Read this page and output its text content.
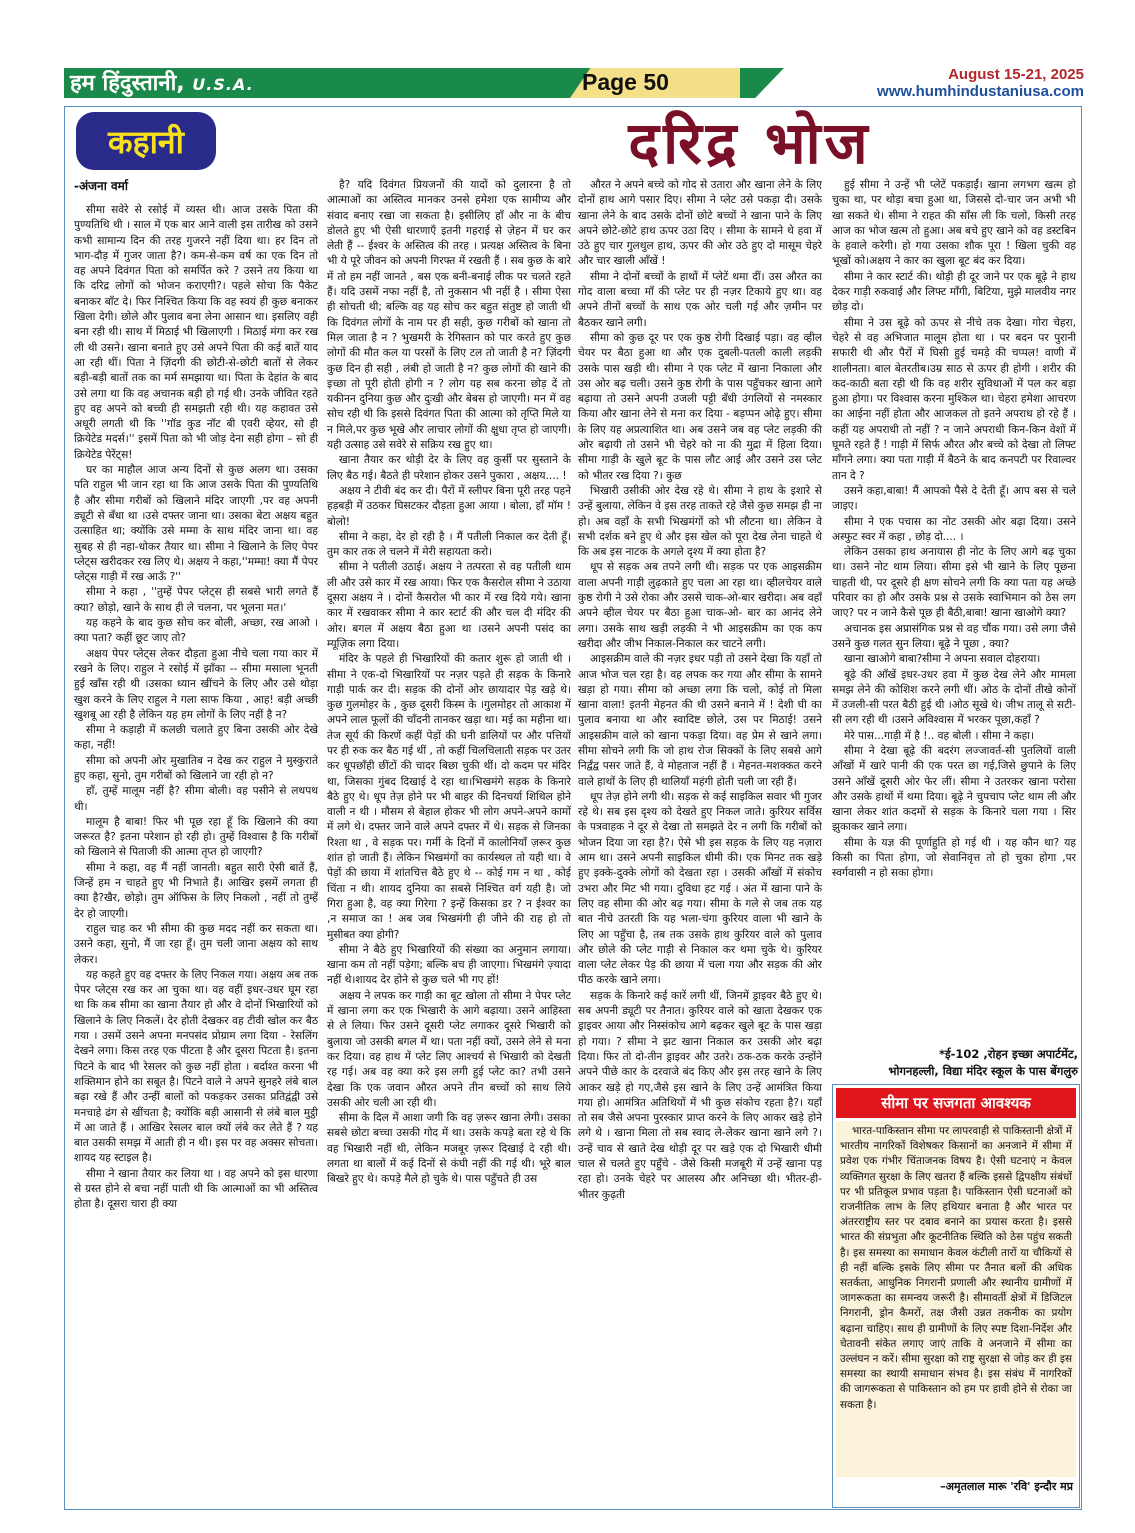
हम हिंदुस्तानी, U.S.A.	Page 50	August 15-21, 2025
www.humhindustaniusa.com
कहानी	दरिद्र भोज
-अंजना वर्मा

सीमा सवेरे से रसोई में व्यस्त थी। आज उसके पिता की पुण्यतिथि थी । साल में एक बार आने वाली इस तारीख को उसने कभी सामान्य दिन की तरह गुजरने नहीं दिया था। हर दिन तो भाग-दौड़ में गुजर जाता है?। कम-से-कम वर्ष का एक दिन तो वह अपने दिवंगत पिता को समर्पित करे ? उसने तय किया था कि दरिद्र लोगों को भोजन कराएगी?। पहले सोचा कि पैकेट बनाकर बाँट दे। फिर निश्चित किया कि वह स्वयं ही कुछ बनाकर खिला देगी। छोले और पुलाव बना लेना आसान था। इसलिए वही बना रही थी। साथ में मिठाई भी खिलाएगी । मिठाई मंगा कर रख ली थी उसने। खाना बनाते हुए उसे अपने पिता की कई बातें याद आ रही थीं। पिता ने ज़िंदगी की छोटी-से-छोटी बातों से लेकर बड़ी-बड़ी बातों तक का मर्म समझाया था। पिता के देहांत के बाद उसे लगा था कि वह अचानक बड़ी हो गई थी। उनके जीवित रहते हुए वह अपने को बच्ची ही समझती रही थी। यह कहावत उसे अधूरी लगती थी कि ''गॉड कुड नॉट बी एवरी व्हेयर, सो ही क्रियेटेड मदर्स।'' इसमें पिता को भी जोड़ देना सही होगा – सो ही क्रियेटेड पेरेंट्स!

घर का माहौल आज अन्य दिनों से कुछ अलग था। उसका पति राहुल भी जान रहा था कि आज उसके पिता की पुण्यतिथि है और सीमा गरीबों को खिलाने मंदिर जाएगी ,पर वह अपनी ड्यूटी से बँधा था ।उसे दफ्तर जाना था। उसका बेटा अक्षय बहुत उत्साहित था; क्योंकि उसे मम्मा के साथ मंदिर जाना था। वह सुबह से ही नहा-धोकर तैयार था। सीमा ने खिलाने के लिए पेपर प्लेट्स खरीदकर रख लिए थे। अक्षय ने कहा,''मम्मा! क्या मैं पेपर प्लेट्स गाड़ी में रख आऊँ ?''

सीमा ने कहा , ''तुम्हें पेपर प्लेट्स ही सबसे भारी लगते हैं क्या? छोड़ो, खाने के साथ ही ले चलना, पर भूलना मत।'

यह कहने के बाद कुछ सोच कर बोली, अच्छा, रख आओ । क्या पता? कहीं छूट जाए तो?

अक्षय पेपर प्लेट्स लेकर दौड़ता हुआ नीचे चला गया कार में रखने के लिए। राहुल ने रसोई में झाँका -- सीमा मसाला भूनती हुई खाँस रही थी ।उसका ध्यान खींचने के लिए और उसे थोड़ा खुश करने के लिए राहुल ने गला साफ किया , आह! बड़ी अच्छी खुशबू आ रही है लेकिन यह हम लोगों के लिए नहीं है न?

सीमा ने कड़ाही में कलछी चलाते हुए बिना उसकी ओर देखे कहा, नहीं!

सीमा को अपनी ओर मुखातिब न देख कर राहुल ने मुस्कुराते हुए कहा, सुनो, तुम गरीबों को खिलाने जा रही हो न?

हाँ, तुम्हें मालूम नहीं है? सीमा बोली। वह पसीने से लथपथ थी।

मालूम है बाबा! फिर भी पूछ रहा हूँ कि खिलाने की क्या जरूरत है? इतना परेशान हो रही हो। तुम्हें विश्वास है कि गरीबों को खिलाने से पिताजी की आत्मा तृप्त हो जाएगी?

सीमा ने कहा, वह मैं नहीं जानती। बहुत सारी ऐसी बातें हैं, जिन्हें हम न चाहते हुए भी निभाते हैं। आखिर इसमें लगता ही क्या है?खैर, छोड़ो। तुम ऑफिस के लिए निकलो , नहीं तो तुम्हें देर हो जाएगी।

राहुल चाह कर भी सीमा की कुछ मदद नहीं कर सकता था। उसने कहा, सुनो, मैं जा रहा हूँ। तुम चली जाना अक्षय को साथ लेकर।

यह कहते हुए वह दफ्तर के लिए निकल गया। अक्षय अब तक पेपर प्लेट्स रख कर आ चुका था। वह वहीं इधर-उधर घूम रहा था कि कब सीमा का खाना तैयार हो और वे दोनों भिखारियों को खिलाने के लिए निकलें। देर होती देखकर वह टीवी खोल कर बैठ गया । उसमें उसने अपना मनपसंद प्रोग्राम लगा दिया - रेसलिंग देखने लगा। किस तरह एक पीटता है और दूसरा पिटता है। इतना पिटने के बाद भी रेसलर को कुछ नहीं होता । बर्दाश्त करना भी शक्तिमान होने का सबूत है। पिटने वाले ने अपने सुनहरे लंबे बाल बढ़ा रखे हैं और उन्हीं बालों को पकड़कर उसका प्रतिद्वंद्वी उसे मनचाहे ढंग से खींचता है; क्योंकि बड़ी आसानी से लंबे बाल मुट्ठी में आ जाते हैं । आखिर रेसलर बाल क्यों लंबे कर लेते हैं ? यह बात उसकी समझ में आती ही न थी। इस पर वह अक्सर सोचता। शायद यह स्टाइल है।

सीमा ने खाना तैयार कर लिया था । वह अपने को इस धारणा से ग्रस्त होने से बचा नहीं पाती थी कि आत्माओं का भी अस्तित्व होता है। दूसरा चारा ही क्या

है? यदि दिवंगत प्रियजनों की यादों को दुलारना है तो आत्माओं का अस्तित्व मानकर उनसे हमेशा एक सामीप्य और संवाद बनाए रखा जा सकता है। इसीलिए हाँ और ना के बीच डोलते हुए भी ऐसी धारणाएँ इतनी गहराई से ज़ेहन में घर कर लेती हैं -- ईश्वर के अस्तित्व की तरह । प्रत्यक्ष अस्तित्व के बिना भी ये पूरे जीवन को अपनी गिरफ्त में रखती हैं । सब कुछ के बारे में तो हम नहीं जानते , बस एक बनी-बनाई लीक पर चलते रहते हैं। यदि उसमें नफा नहीं है, तो नुकसान भी नहीं है । सीमा ऐसा ही सोचती थी; बल्कि वह यह सोच कर बहुत संतुष्ट हो जाती थी कि दिवंगत लोगों के नाम पर ही सही, कुछ गरीबों को खाना तो मिल जाता है न ? भुखमरी के रेगिस्तान को पार करते हुए कुछ लोगों की मौत कल या परसों के लिए टल तो जाती है न? ज़िंदगी कुछ दिन ही सही , लंबी हो जाती है न? कुछ लोगों की खाने की इच्छा तो पूरी होती होगी न ? लोग यह सब करना छोड़ दें तो यकीनन दुनिया कुछ और दुःखी और बेबस हो जाएगी। मन में वह सोच रही थी कि इससे दिवंगत पिता की आत्मा को तृप्ति मिले या न मिले,पर कुछ भूखे और लाचार लोगों की क्षुधा तृप्त हो जाएगी। यही उत्साह उसे सवेरे से सक्रिय रख हुए था।

खाना तैयार कर थोड़ी देर के लिए वह कुर्सी पर सुस्ताने के लिए बैठ गई। बैठते ही परेशान होकर उसने पुकारा , अक्षय.... !

अक्षय ने टीवी बंद कर दी। पैरों में स्लीपर बिना पूरी तरह पहने हड़बड़ी में उठकर घिसटकर दौड़ता हुआ आया । बोला, हाँ मॉम ! बोलो!

सीमा ने कहा, देर हो रही है । मैं पतीली निकाल कर देती हूँ। तुम कार तक ले चलने में मेरी सहायता करो।

सीमा ने पतीली उठाई। अक्षय ने तत्परता से वह पतीली थाम ली और उसे कार में रख आया। फिर एक कैसरोल सीमा ने उठाया दूसरा अक्षय ने । दोनों कैसरोल भी कार में रख दिये गये। खाना कार में रखवाकर सीमा ने कार स्टार्ट की और चल दी मंदिर की ओर। बगल में अक्षय बैठा हुआ था ।उसने अपनी पसंद का म्यूज़िक लगा दिया।

मंदिर के पहले ही भिखारियों की कतार शुरू हो जाती थी । सीमा ने एक-दो भिखारियों पर नज़र पड़ते ही सड़क के किनारे गाड़ी पार्क कर दी। सड़क की दोनों ओर छायादार पेड़ खड़े थे। कुछ गुलमोहर के , कुछ दूसरी किस्म के ।गुलमोहर तो आकाश में अपने लाल फूलों की चाँदनी तानकर खड़ा था। मई का महीना था। तेज सूर्य की किरणें कहीं पेड़ों की घनी डालियों पर और पत्तियों पर ही रुक कर बैठ गई थीं , तो कहीं चिलचिलाती सड़क पर उतर कर धूपछाँही छींटों की चादर बिछा चुकी थीं। दो कदम पर मंदिर था, जिसका गुंबद दिखाई दे रहा था।भिखमंगे सड़क के किनारे बैठे हुए थे। धूप तेज़ होने पर भी बाहर की दिनचर्या शिथिल होने वाली न थी । मौसम से बेहाल होकर भी लोग अपने-अपने कामों में लगे थे। दफ्तर जाने वाले अपने दफ्तर में थे। सड़क से जिनका रिश्ता था , वे सड़क पर। गर्मी के दिनों में कालोनियाँ ज़रूर कुछ शांत हो जाती हैं। लेकिन भिखमंगों का कार्यस्थल तो यही था। वे पेड़ों की छाया में शांतचित्त बैठे हुए थे -- कोई गम न था , कोई चिंता न थी। शायद दुनिया का सबसे निश्चित वर्ग यही है। जो गिरा हुआ है, वह क्या गिरेगा ? इन्हें किसका डर ? न ईश्वर का ,न समाज का ! अब जब भिखमंगी ही जीने की राह हो तो मुसीबत क्या होगी?

सीमा ने बैठे हुए भिखारियों की संख्या का अनुमान लगाया। खाना कम तो नहीं पड़ेगा; बल्कि बच ही जाएगा। भिखमंगे ज़्यादा नहीं थे।शायद देर होने से कुछ चले भी गए हों!

अक्षय ने लपक कर गाड़ी का बूट खोला तो सीमा ने पेपर प्लेट में खाना लगा कर एक भिखारी के आगे बढ़ाया। उसने आहिस्ता से ले लिया। फिर उसने दूसरी प्लेट लगाकर दूसरे भिखारी को बुलाया जो उसकी बगल में था। पता नहीं क्यों, उसने लेने से मना कर दिया। वह हाथ में प्लेट लिए आश्चर्य से भिखारी को देखती रह गई। अब वह क्या करे इस लगी हुई प्लेट का? तभी उसने देखा कि एक जवान औरत अपने तीन बच्चों को साथ लिये उसकी ओर चली आ रही थी।

सीमा के दिल में आशा जगी कि वह ज़रूर खाना लेगी। उसका सबसे छोटा बच्चा उसकी गोद में था। उसके कपड़े बता रहे थे कि वह भिखारी नहीं थी, लेकिन मजबूर ज़रूर दिखाई दे रही थी।लगता था बालों में कई दिनों से कंघी नहीं की गई थी। भूरे बाल बिखरे हुए थे। कपड़े मैले हो चुके थे। पास पहुँचते ही उस

औरत ने अपने बच्चे को गोद से उतारा और खाना लेने के लिए दोनों हाथ आगे पसार दिए। सीमा ने प्लेट उसे पकड़ा दी। उसके खाना लेने के बाद उसके दोनों छोटे बच्चों ने खाना पाने के लिए अपने छोटे-छोटे हाथ ऊपर उठा दिए । सीमा के सामने थे हवा में उठे हुए चार गुलथुल हाथ, ऊपर की ओर उठे हुए दो मासूम चेहरे और चार खाली आँखें !

सीमा ने दोनों बच्चों के हाथों में प्लेटें थमा दीं। उस औरत का गोद वाला बच्चा माँ की प्लेट पर ही नज़र टिकाये हुए था। वह अपने तीनों बच्चों के साथ एक ओर चली गई और ज़मीन पर बैठकर खाने लगी।

सीमा को कुछ दूर पर एक कुष्ठ रोगी दिखाई पड़ा। वह व्हील चेयर पर बैठा हुआ था और एक दुबली-पतली काली लड़की उसके पास खड़ी थी। सीमा ने एक प्लेट में खाना निकाला और उस ओर बढ़ चली। उसने कुष्ठ रोगी के पास पहुँचकर खाना आगे बढ़ाया तो उसने अपनी उजली पट्टी बँधी उंगलियों से नमस्कार किया और खाना लेने से मना कर दिया - बड़प्पन ओढ़े हुए। सीमा के लिए यह अप्रत्याशित था। अब उसने जब वह प्लेट लड़की की ओर बढ़ायी तो उसने भी चेहरे को ना की मुद्रा में हिला दिया। सीमा गाड़ी के खुले बूट के पास लौट आई और उसने उस प्लेट को भीतर रख दिया ?। कुछ

भिखारी उसीकी ओर देख रहे थे। सीमा ने हाथ के इशारे से उन्हें बुलाया, लेकिन वे इस तरह ताकते रहे जैसे कुछ समझ ही ना हो। अब वहाँ के सभी भिखमंगों को भी लौटना था। लेकिन वे सभी दर्शक बने हुए थे और इस खेल को पूरा देख लेना चाहते थे कि अब इस नाटक के अगले दृश्य में क्या होता है?

धूप से सड़क अब तपने लगी थी। सड़क पर एक आइसक्रीम वाला अपनी गाड़ी लुढ़काते हुए चला आ रहा था। व्हीलचेयर वाले कुष्ठ रोगी ने उसे रोका और उससे चाक-ओ-बार खरीदा। अब वहाँ अपने व्हील चेयर पर बैठा हुआ चाक-ओ- बार का आनंद लेने लगा। उसके साथ खड़ी लड़की ने भी आइसक्रीम का एक कप खरीदा और जीभ निकाल-निकाल कर चाटने लगी।

आइसक्रीम वाले की नज़र इधर पड़ी तो उसने देखा कि यहाँ तो आज भोज चल रहा है। वह लपक कर गया और सीमा के सामने खड़ा हो गया। सीमा को अच्छा लगा कि चलो, कोई तो मिला खाना वाला! इतनी मेहनत की थी उसने बनाने में ! देशी घी का पुलाव बनाया था और स्वादिष्ट छोले, उस पर मिठाई! उसने आइसक्रीम वाले को खाना पकड़ा दिया। वह प्रेम से खाने लगा। सीमा सोचने लगी कि जो हाथ रोज सिक्कों के लिए सबसे आगे निर्द्वंद्व पसर जाते हैं, वे मोहताज नहीं हैं । मेहनत-मशक्कत करने वाले हाथों के लिए ही थालियाँ महंगी होती चली जा रही हैं।

धूप तेज़ होने लगी थी। सड़क से कई साइकिल सवार भी गुजर रहे थे। सब इस दृश्य को देखते हुए निकल जाते। कुरियर सर्विस के पत्रवाहक ने दूर से देखा तो समझते देर न लगी कि गरीबों को भोजन दिया जा रहा है?। ऐसे भी इस सड़क के लिए यह नज़ारा आम था। उसने अपनी साइकिल धीमी की। एक मिनट तक खड़े हुए इक्के-दुक्के लोगों को देखता रहा । उसकी आँखों में संकोच उभरा और मिट भी गया। दुविधा हट गई । अंत में खाना पाने के लिए वह सीमा की ओर बढ़ गया। सीमा के गले से जब तक यह बात नीचे उतरती कि यह भला-चंगा कुरियर वाला भी खाने के लिए आ पहुँचा है, तब तक उसके हाथ कुरियर वाले को पुलाव और छोले की प्लेट गाड़ी से निकाल कर थमा चुके थे। कुरियर वाला प्लेट लेकर पेड़ की छाया में चला गया और सड़क की ओर पीठ करके खाने लगा।

सड़क के किनारे कई कारें लगी थीं, जिनमें ड्राइवर बैठे हुए थे। सब अपनी ड्यूटी पर तैनात। कुरियर वाले को खाता देखकर एक ड्राइवर आया और निस्संकोच आगे बढ़कर खुले बूट के पास खड़ा हो गया। ? सीमा ने झट खाना निकाल कर उसकी ओर बढ़ा दिया। फिर तो दो-तीन ड्राइवर और उतरे। ठक-ठक करके उन्होंने अपने पीछे कार के दरवाजे बंद किए और इस तरह खाने के लिए आकर खड़े हो गए,जैसे इस खाने के लिए उन्हें आमंत्रित किया गया हो। आमंत्रित अतिथियों में भी कुछ संकोच रहता है?। यहाँ तो सब जैसे अपना पुरस्कार प्राप्त करने के लिए आकर खड़े होने लगे थे । खाना मिला तो सब स्वाद ले-लेकर खाना खाने लगे ?। उन्हें चाव से खाते देख थोड़ी दूर पर खड़े एक दो भिखारी धीमी चाल से चलते हुए पहुँचे - जैसे किसी मजबूरी में उन्हें खाना पड़ रहा हो। उनके चेहरे पर आलस्य और अनिच्छा थी। भीतर-ही-भीतर कुढ़ती

हुई सीमा ने उन्हें भी प्लेटें पकड़ाईं। खाना लगभग खत्म हो चुका था, पर थोड़ा बचा हुआ था, जिससे दो-चार जन अभी भी खा सकते थे। सीमा ने राहत की साँस ली कि चलो, किसी तरह आज का भोज खत्म तो हुआ। अब बचे हुए खाने को वह डस्टबिन के हवाले करेगी। हो गया उसका शौक पूरा ! खिला चुकी वह भूखों को।अक्षय ने कार का खुला बूट बंद कर दिया।

सीमा ने कार स्टार्ट की। थोड़ी ही दूर जाने पर एक बूढ़े ने हाथ देकर गाड़ी रुकवाई और लिफ्ट माँगी, बिटिया, मुझे मालवीय नगर छोड़ दो।

सीमा ने उस बूढ़े को ऊपर से नीचे तक देखा। गोरा चेहरा, चेहरे से वह अभिजात मालूम होता था । पर बदन पर पुरानी सफारी थी और पैरों में घिसी हुई चमड़े की चप्पल! वाणी में शालीनता। बाल बेतरतीब।उम्र साठ से ऊपर ही होगी । शरीर की कद-काठी बता रही थी कि वह शरीर सुविधाओं में पल कर बड़ा हुआ होगा। पर विश्वास करना मुश्किल था। चेहरा हमेशा आचरण का आईना नहीं होता और आजकल तो इतने अपराध हो रहे हैं । कहीं यह अपराधी तो नहीं ? न जाने अपराधी किन-किन वेशों में घूमते रहते हैं ! गाड़ी में सिर्फ औरत और बच्चे को देखा तो लिफ्ट माँगने लगा। क्या पता गाड़ी में बैठने के बाद कनपटी पर रिवाल्वर तान दे ?

उसने कहा,बाबा! मैं आपको पैसे दे देती हूँ। आप बस से चले जाइए।

सीमा ने एक पचास का नोट उसकी ओर बढ़ा दिया। उसने अस्फुट स्वर में कहा , छोड़ दो.... ।

लेकिन उसका हाथ अनायास ही नोट के लिए आगे बढ़ चुका था। उसने नोट थाम लिया। सीमा इसे भी खाने के लिए पूछना चाहती थी, पर दूसरे ही क्षण सोचने लगी कि क्या पता यह अच्छे परिवार का हो और उसके प्रश्न से उसके स्वाभिमान को ठेस लग जाए? पर न जाने कैसे पूछ ही बैठी,बाबा! खाना खाओगे क्या?

अचानक इस अप्रासंगिक प्रश्न से वह चौंक गया। उसे लगा जैसे उसने कुछ गलत सुन लिया। बूढ़े ने पूछा , क्या?

खाना खाओगे बाबा?सीमा ने अपना सवाल दोहराया।

बूढ़े की आँखें इधर-उधर हवा में कुछ देख लेने और मामला समझ लेने की कोशिश करने लगी थीं। ओठ के दोनों तीखे कोनों में उजली-सी परत बैठी हुई थी ।ओठ सूखे थे। जीभ तालू से सटी-सी लग रही थी ।उसने अविश्वास में भरकर पूछा,कहाँ ?

मेरे पास...गाड़ी में है !.. वह बोली । सीमा ने कहा।

सीमा ने देखा बूढ़े की बदरंग लज्जावर्त-सी पुतलियों वाली आँखों में खारे पानी की एक परत छा गई,जिसे छुपाने के लिए उसने आँखें दूसरी ओर फेर लीं। सीमा ने उतरकर खाना परोसा और उसके हाथों में थमा दिया। बूढ़े ने चुपचाप प्लेट थाम ली और खाना लेकर शांत कदमों से सड़क के किनारे चला गया । सिर झुकाकर खाने लगा।

सीमा के यज्ञ की पूर्णाहुति हो गई थी । यह कौन था? यह किसी का पिता होगा, जो सेवानिवृत्त तो हो चुका होगा ,पर स्वर्गवासी न हो सका होगा।

*ई-102 ,रोहन इच्छा अपार्टमेंट,
भोगनहल्ली, विद्या मंदिर स्कूल के पास बेंगलुरु
सीमा पर सजगता आवश्यक
भारत-पाकिस्तान सीमा पर लापरवाही से पाकिस्तानी क्षेत्रों में भारतीय नागरिकों विशेषकर किसानों का अनजाने में सीमा में प्रवेश एक गंभीर चिंताजनक विषय है। ऐसी घटनाएं न केवल व्यक्तिगत सुरक्षा के लिए खतरा हैं बल्कि इससे द्विपक्षीय संबंधों पर भी प्रतिकूल प्रभाव पड़ता है। पाकिस्तान ऐसी घटनाओं को राजनीतिक लाभ के लिए हथियार बनाता है और भारत पर अंतरराष्ट्रीय स्तर पर दबाव बनाने का प्रयास करता है। इससे भारत की संप्रभुता और कूटनीतिक स्थिति को ठेस पहुंच सकती है। इस समस्या का समाधान केवल कंटीली तारों या चौकियों से ही नहीं बल्कि इसके लिए सीमा पर तैनात बलों की अधिक सतर्कता, आधुनिक निगरानी प्रणाली और स्थानीय ग्रामीणों में जागरूकता का समन्वय जरूरी है। सीमावर्ती क्षेत्रों में डिजिटल निगरानी, ड्रोन कैमरों, तक्ष जैसी उन्नत तकनीक का प्रयोग बढ़ाना चाहिए। साथ ही ग्रामीणों के लिए स्पष्ट दिशा-निर्देश और चेतावनी संकेत लगाए जाएं ताकि वे अनजाने में सीमा का उल्लंघन न करें। सीमा सुरक्षा को राष्ट्र सुरक्षा से जोड़ कर ही इस समस्या का स्थायी समाधान संभव है। इस संबंध में नागरिकों की जागरूकता से पाकिस्तान को हम पर हावी होने से रोका जा सकता है।
–अमृतलाल मारू 'रवि' इन्दौर मप्र
